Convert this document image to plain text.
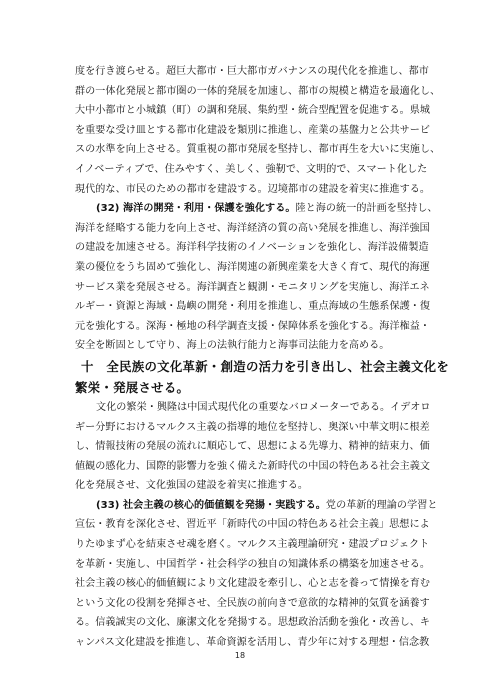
度を行き渡らせる。超巨大都市・巨大都市ガバナンスの現代化を推進し、都市
群の一体化発展と都市圏の一体的発展を加速し、都市の規模と構造を最適化し、
大中小都市と小城鎮（町）の調和発展、集約型・統合型配置を促進する。県城
を重要な受け皿とする都市化建設を類別に推進し、産業の基盤力と公共サービ
スの水準を向上させる。質重視の都市発展を堅持し、都市再生を大いに実施し、
イノベーティブで、住みやすく、美しく、強靭で、文明的で、スマート化した
現代的な、市民のための都市を建設する。辺境都市の建設を着実に推進する。
(32) 海洋の開発・利用・保護を強化する。陸と海の統一的計画を堅持し、
海洋を経略する能力を向上させ、海洋経済の質の高い発展を推進し、海洋強国
の建設を加速させる。海洋科学技術のイノベーションを強化し、海洋設備製造
業の優位をうち固めて強化し、海洋関連の新興産業を大きく育て、現代的海運
サービス業を発展させる。海洋調査と観測・モニタリングを実施し、海洋エネ
ルギー・資源と海域・島嶼の開発・利用を推進し、重点海域の生態系保護・復
元を強化する。深海・極地の科学調査支援・保障体系を強化する。海洋権益・
安全を断固として守り、海上の法執行能力と海事司法能力を高める。
十　全民族の文化革新・創造の活力を引き出し、社会主義文化を
繁栄・発展させる。
文化の繁栄・興隆は中国式現代化の重要なバロメーターである。イデオロ
ギー分野におけるマルクス主義の指導的地位を堅持し、奥深い中華文明に根差
し、情報技術の発展の流れに順応して、思想による先導力、精神的結束力、価
値観の感化力、国際的影響力を強く備えた新時代の中国の特色ある社会主義文
化を発展させ、文化強国の建設を着実に推進する。
(33) 社会主義の核心的価値観を発揚・実践する。党の革新的理論の学習と
宣伝・教育を深化させ、習近平「新時代の中国の特色ある社会主義」思想によ
りたゆまず心を結束させ魂を磨く。マルクス主義理論研究・建設プロジェクト
を革新・実施し、中国哲学・社会科学の独自の知識体系の構築を加速させる。
社会主義の核心的価値観により文化建設を牽引し、心と志を養って情操を育む
という文化の役割を発揮させ、全民族の前向きで意欲的な精神的気質を涵養す
る。信義誠実の文化、廉潔文化を発揚する。思想政治活動を強化・改善し、キ
ャンパス文化建設を推進し、革命資源を活用し、青少年に対する理想・信念教
18
